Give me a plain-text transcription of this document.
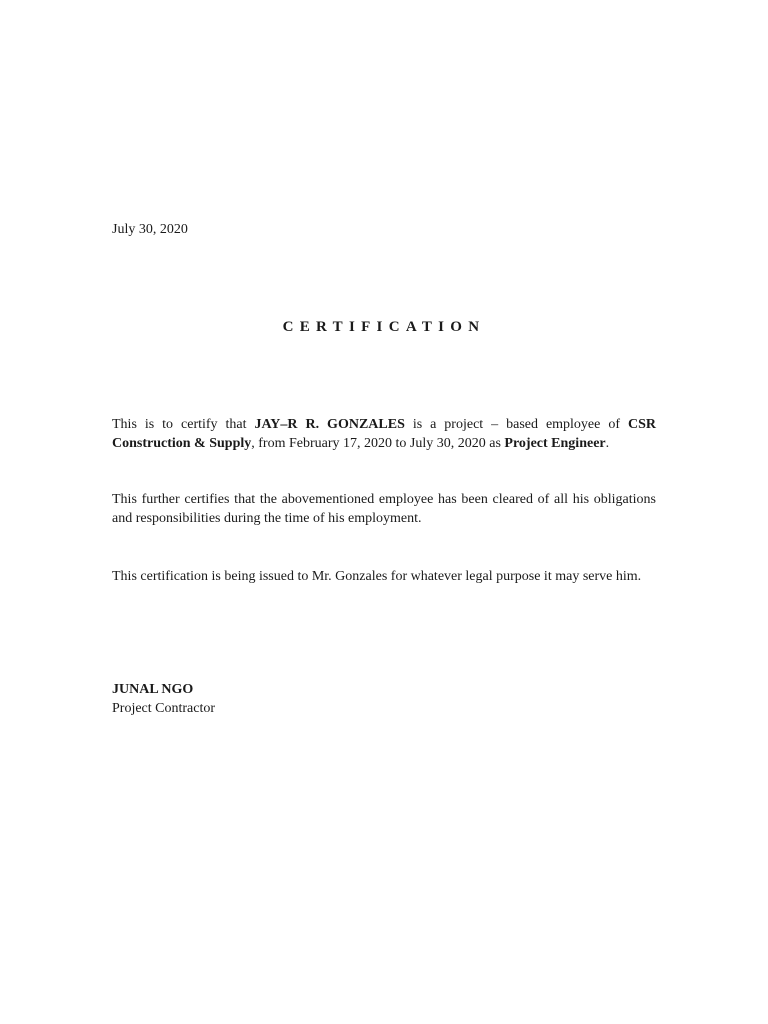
July 30, 2020
CERTIFICATION

This is to certify that JAY–R R. GONZALES is a project – based employee of CSR Construction & Supply, from February 17, 2020 to July 30, 2020 as Project Engineer.

This further certifies that the abovementioned employee has been cleared of all his obligations and responsibilities during the time of his employment.

This certification is being issued to Mr. Gonzales for whatever legal purpose it may serve him.

JUNAL NGO
Project Contractor
